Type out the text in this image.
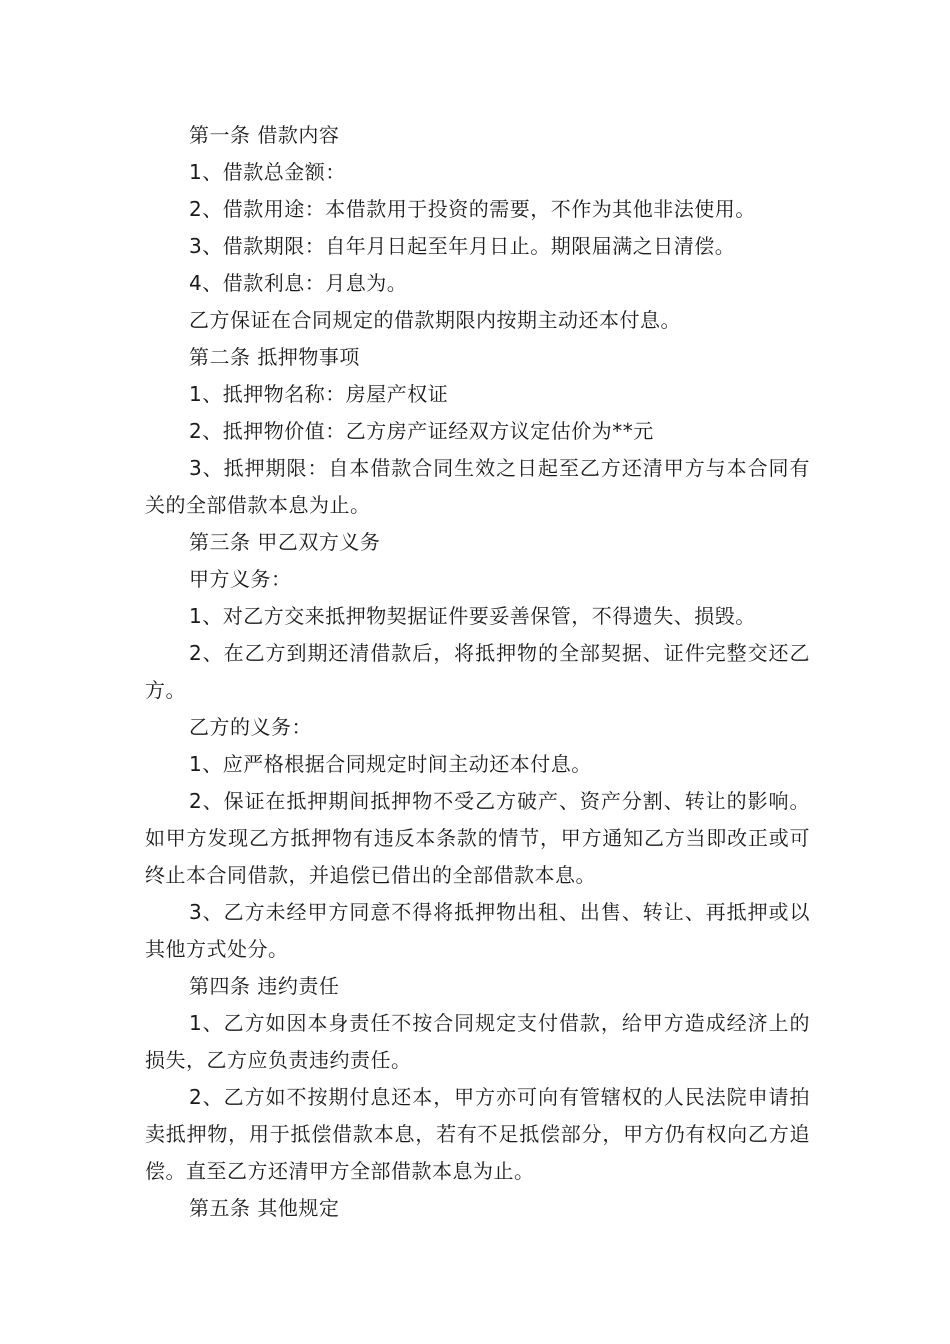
第一条 借款内容

1、借款总金额：

2、借款用途：本借款用于投资的需要，不作为其他非法使用。

3、借款期限：自年月日起至年月日止。期限届满之日清偿。

4、借款利息：月息为。

乙方保证在合同规定的借款期限内按期主动还本付息。

第二条 抵押物事项

1、抵押物名称：房屋产权证

2、抵押物价值：乙方房产证经双方议定估价为**元

3、抵押期限：自本借款合同生效之日起至乙方还清甲方与本合同有关的全部借款本息为止。

第三条 甲乙双方义务

甲方义务：

1、对乙方交来抵押物契据证件要妥善保管，不得遗失、损毁。

2、在乙方到期还清借款后，将抵押物的全部契据、证件完整交还乙方。

乙方的义务：

1、应严格根据合同规定时间主动还本付息。

2、保证在抵押期间抵押物不受乙方破产、资产分割、转让的影响。如甲方发现乙方抵押物有违反本条款的情节，甲方通知乙方当即改正或可终止本合同借款，并追偿已借出的全部借款本息。

3、乙方未经甲方同意不得将抵押物出租、出售、转让、再抵押或以其他方式处分。

第四条 违约责任

1、乙方如因本身责任不按合同规定支付借款，给甲方造成经济上的损失，乙方应负责违约责任。

2、乙方如不按期付息还本，甲方亦可向有管辖权的人民法院申请拍卖抵押物，用于抵偿借款本息，若有不足抵偿部分，甲方仍有权向乙方追偿。直至乙方还清甲方全部借款本息为止。

第五条 其他规定
